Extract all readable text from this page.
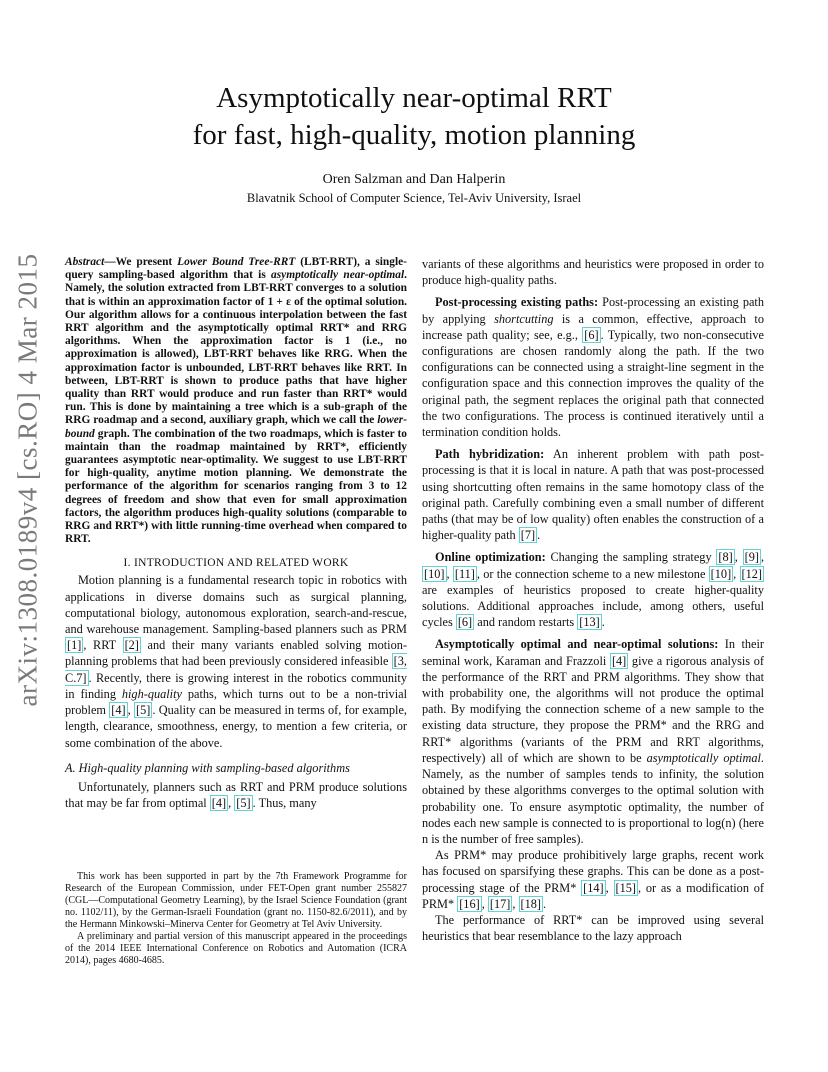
arXiv:1308.0189v4 [cs.RO] 4 Mar 2015
Asymptotically near-optimal RRT
for fast, high-quality, motion planning
Oren Salzman and Dan Halperin
Blavatnik School of Computer Science, Tel-Aviv University, Israel

Abstract—We present Lower Bound Tree-RRT (LBT-RRT), a single-query sampling-based algorithm that is asymptotically near-optimal. Namely, the solution extracted from LBT-RRT converges to a solution that is within an approximation factor of 1 + ε of the optimal solution. Our algorithm allows for a continuous interpolation between the fast RRT algorithm and the asymptotically optimal RRT* and RRG algorithms. When the approximation factor is 1 (i.e., no approximation is allowed), LBT-RRT behaves like RRG. When the approximation factor is unbounded, LBT-RRT behaves like RRT. In between, LBT-RRT is shown to produce paths that have higher quality than RRT would produce and run faster than RRT* would run. This is done by maintaining a tree which is a sub-graph of the RRG roadmap and a second, auxiliary graph, which we call the lower-bound graph. The combination of the two roadmaps, which is faster to maintain than the roadmap maintained by RRT*, efficiently guarantees asymptotic near-optimality. We suggest to use LBT-RRT for high-quality, anytime motion planning. We demonstrate the performance of the algorithm for scenarios ranging from 3 to 12 degrees of freedom and show that even for small approximation factors, the algorithm produces high-quality solutions (comparable to RRG and RRT*) with little running-time overhead when compared to RRT.

I. INTRODUCTION AND RELATED WORK

Motion planning is a fundamental research topic in robotics with applications in diverse domains such as surgical planning, computational biology, autonomous exploration, search-and-rescue, and warehouse management. Sampling-based planners such as PRM [1] , RRT [2] and their many variants enabled solving motion-planning problems that had been previously considered infeasible [3, C.7] . Recently, there is growing interest in the robotics community in finding high-quality paths, which turns out to be a non-trivial problem [4] , [5] . Quality can be measured in terms of, for example, length, clearance, smoothness, energy, to mention a few criteria, or some combination of the above.

A. High-quality planning with sampling-based algorithms

Unfortunately, planners such as RRT and PRM produce solutions that may be far from optimal [4] , [5] . Thus, many

This work has been supported in part by the 7th Framework Programme for Research of the European Commission, under FET-Open grant number 255827 (CGL—Computational Geometry Learning), by the Israel Science Foundation (grant no. 1102/11), by the German-Israeli Foundation (grant no. 1150-82.6/2011), and by the Hermann Minkowski–Minerva Center for Geometry at Tel Aviv University.

A preliminary and partial version of this manuscript appeared in the proceedings of the 2014 IEEE International Conference on Robotics and Automation (ICRA 2014), pages 4680-4685.

variants of these algorithms and heuristics were proposed in order to produce high-quality paths.

Post-processing existing paths: Post-processing an existing path by applying shortcutting is a common, effective, approach to increase path quality; see, e.g., [6] . Typically, two non-consecutive configurations are chosen randomly along the path. If the two configurations can be connected using a straight-line segment in the configuration space and this connection improves the quality of the original path, the segment replaces the original path that connected the two configurations. The process is continued iteratively until a termination condition holds.

Path hybridization: An inherent problem with path post-processing is that it is local in nature. A path that was post-processed using shortcutting often remains in the same homotopy class of the original path. Carefully combining even a small number of different paths (that may be of low quality) often enables the construction of a higher-quality path [7] .

Online optimization: Changing the sampling strategy [8] , [9] , [10] , [11] , or the connection scheme to a new milestone [10] , [12] are examples of heuristics proposed to create higher-quality solutions. Additional approaches include, among others, useful cycles [6] and random restarts [13] .

Asymptotically optimal and near-optimal solutions: In their seminal work, Karaman and Frazzoli [4] give a rigorous analysis of the performance of the RRT and PRM algorithms. They show that with probability one, the algorithms will not produce the optimal path. By modifying the connection scheme of a new sample to the existing data structure, they propose the PRM* and the RRG and RRT* algorithms (variants of the PRM and RRT algorithms, respectively) all of which are shown to be asymptotically optimal. Namely, as the number of samples tends to infinity, the solution obtained by these algorithms converges to the optimal solution with probability one. To ensure asymptotic optimality, the number of nodes each new sample is connected to is proportional to log(n) (here n is the number of free samples).

As PRM* may produce prohibitively large graphs, recent work has focused on sparsifying these graphs. This can be done as a post-processing stage of the PRM* [14] , [15] , or as a modification of PRM* [16] , [17] , [18] .

The performance of RRT* can be improved using several heuristics that bear resemblance to the lazy approach
